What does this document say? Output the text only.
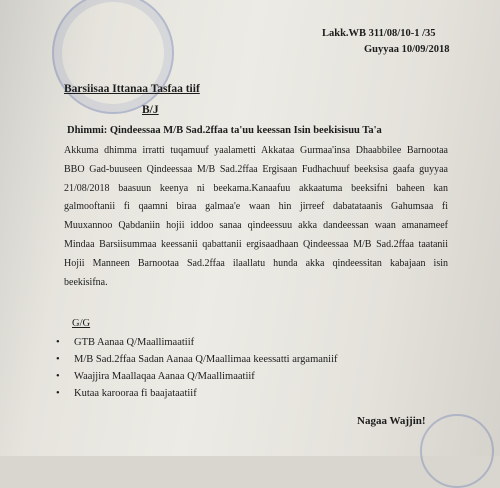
Lakk.WB 311/08/10-1 /35
Guyyaa 10/09/2018
Barsiisaa Ittanaa Tasfaa tiif
B/J
Dhimmi: Qindeessaa M/B Sad.2ffaa ta'uu keessan Isin beekisisuu Ta'a

Akkuma dhimma irratti tuqamuuf yaalametti Akkataa Gurmaa'insa Dhaabbilee Barnootaa BBO Gad-buuseen Qindeessaa M/B Sad.2ffaa Ergisaan Fudhachuuf beeksisa gaafa guyyaa 21/08/2018 baasuun keenya ni beekama.Kanaafuu akkaatuma beeksifni baheen kan galmooftanii fi qaamni biraa galmaa'e waan hin jirreef dabatataanis Gahumsaa fi Muuxannoo Qabdaniin hojii iddoo sanaa qindeessuu akka dandeessan waan amanameef Mindaa Barsiisummaa keessanii qabattanii ergisaadhaan Qindeessaa M/B Sad.2ffaa taatanii Hojii Manneen Barnootaa Sad.2ffaa ilaallatu hunda akka qindeessitan kabajaan isin beekisifna.

G/G
• GTB Aanaa Q/Maallimaatiif
• M/B Sad.2ffaa Sadan Aanaa Q/Maallimaa keessatti argamaniif
• Waajjira Maallaqaa Aanaa Q/Maallimaatiif
• Kutaa karooraa fi baajataatiif
Nagaa Wajjin!
